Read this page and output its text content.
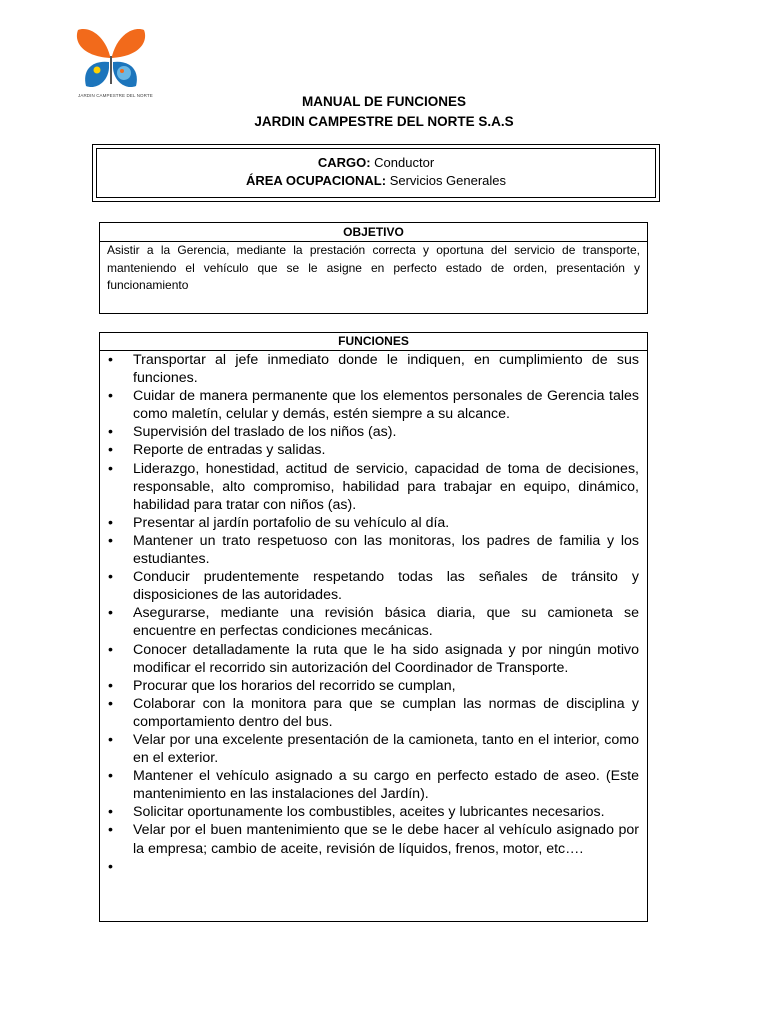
JARDIN CAMPESTRE DEL NORTE	MANUAL DE FUNCIONES
JARDIN CAMPESTRE DEL NORTE S.A.S
CARGO: Conductor
ÁREA OCUPACIONAL: Servicios Generales
OBJETIVO
Asistir a la Gerencia, mediante la prestación correcta y oportuna del servicio de transporte, manteniendo el vehículo que se le asigne en perfecto estado de orden, presentación y funcionamiento
FUNCIONES
• Transportar al jefe inmediato donde le indiquen, en cumplimiento de sus funciones.
• Cuidar de manera permanente que los elementos personales de Gerencia tales como maletín, celular y demás, estén siempre a su alcance.
• Supervisión del traslado de los niños (as).
• Reporte de entradas y salidas.
• Liderazgo, honestidad, actitud de servicio, capacidad de toma de decisiones, responsable, alto compromiso, habilidad para trabajar en equipo, dinámico, habilidad para tratar con niños (as).
• Presentar al jardín portafolio de su vehículo al día.
• Mantener un trato respetuoso con las monitoras, los padres de familia y los estudiantes.
• Conducir prudentemente respetando todas las señales de tránsito y disposiciones de las autoridades.
• Asegurarse, mediante una revisión básica diaria, que su camioneta se encuentre en perfectas condiciones mecánicas.
• Conocer detalladamente la ruta que le ha sido asignada y por ningún motivo modificar el recorrido sin autorización del Coordinador de Transporte.
• Procurar que los horarios del recorrido se cumplan,
• Colaborar con la monitora para que se cumplan las normas de disciplina y comportamiento dentro del bus.
• Velar por una excelente presentación de la camioneta, tanto en el interior, como en el exterior.
• Mantener el vehículo asignado a su cargo en perfecto estado de aseo. (Este mantenimiento en las instalaciones del Jardín).
• Solicitar oportunamente los combustibles, aceites y lubricantes necesarios.
• Velar por el buen mantenimiento que se le debe hacer al vehículo asignado por la empresa; cambio de aceite, revisión de líquidos, frenos, motor, etc….
•
